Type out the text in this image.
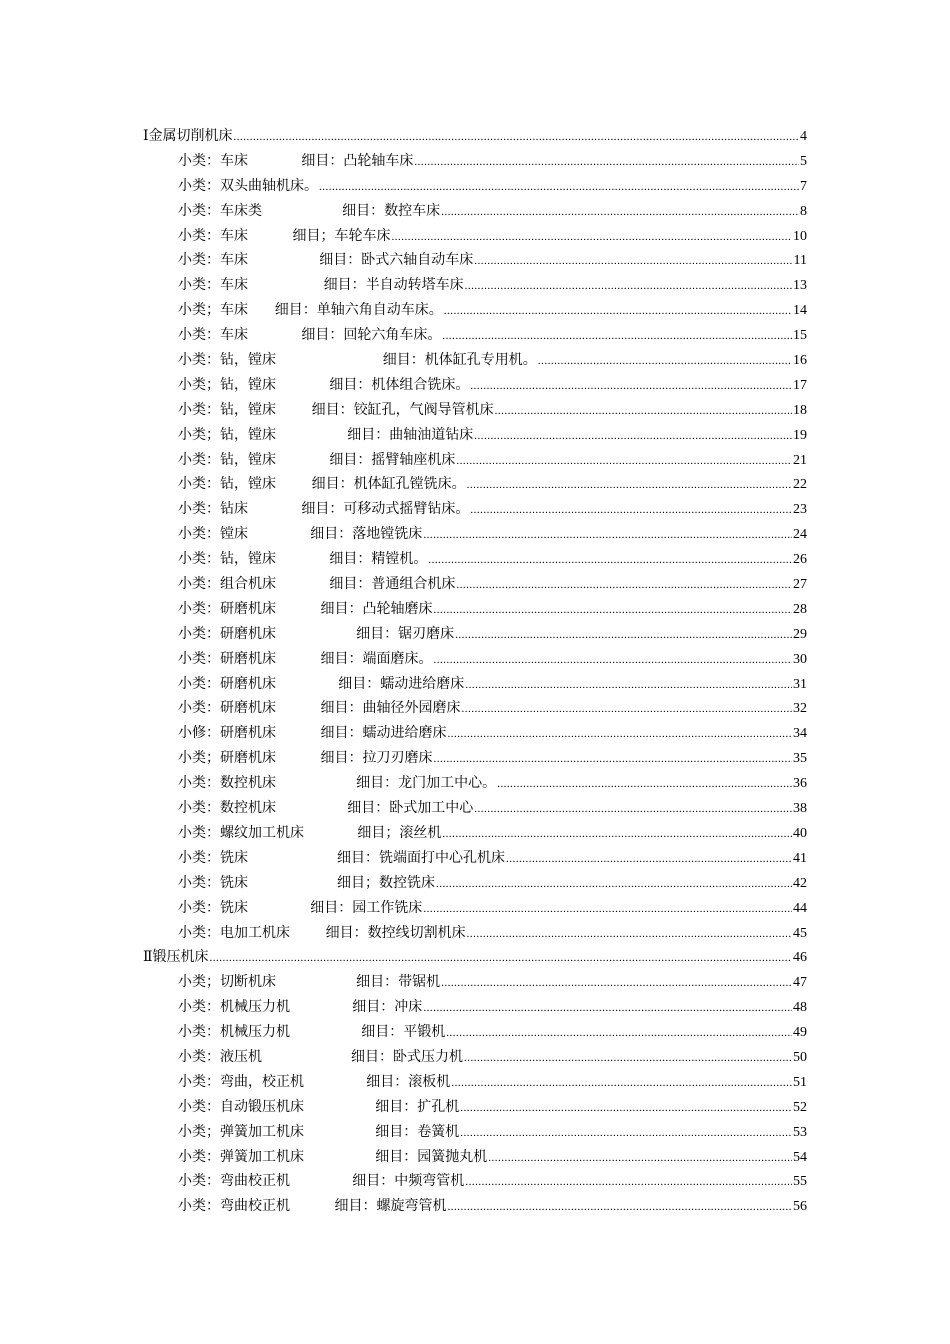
Ⅰ金属切削机床 .....	4
小类：车床            细目：凸轮轴车床 .....	5
小类：双头曲轴机床。 .....	7
小类：车床类                  细目：数控车床 .....	8
小类：车床          细目；车轮车床 .....	10
小类：车床                细目：卧式六轴自动车床 .....	11
小类：车床                 细目：半自动转塔车床 .....	13
小类；车床      细目：单轴六角自动车床。 .....	14
小类：车床            细目：回轮六角车床。 .....	15
小类：钻，镗床                        细目：机体缸孔专用机。 .....	16
小类；钻，镗床            细目：机体组合铣床。 .....	17
小类：钻，镗床        细目：铰缸孔，气阀导管机床 .....	18
小类；钻，镗床                细目：曲轴油道钻床 .....	19
小类：钻，镗床            细目：摇臂轴座机床 .....	21
小类：钻，镗床        细目：机体缸孔镗铣床。 .....	22
小类：钻床            细目：可移动式摇臂钻床。 .....	23
小类：镗床              细目：落地镗铣床 .....	24
小类：钻，镗床            细目：精镗机。 .....	26
小类：组合机床            细目：普通组合机床 .....	27
小类：研磨机床          细目：凸轮轴磨床 .....	28
小类：研磨机床                  细目：锯刃磨床 .....	29
小类：研磨机床          细目：端面磨床。 .....	30
小类：研磨机床              细目：蠕动进给磨床 .....	31
小类：研磨机床          细目：曲轴径外园磨床 .....	32
小修：研磨机床          细目：蠕动进给磨床 .....	34
小类；研磨机床          细目：拉刀刃磨床 .....	35
小类：数控机床                  细目：龙门加工中心。 .....	36
小类：数控机床                细目：卧式加工中心 .....	38
小类：螺纹加工机床            细目；滚丝机 .....	40
小类：铣床                    细目：铣端面打中心孔机床 .....	41
小类：铣床                    细目；数控铣床 .....	42
小类：铣床              细目：园工作铣床 .....	44
小类：电加工机床        细目：数控线切割机床 .....	45
Ⅱ锻压机床 .....	46
小类；切断机床                  细目：带锯机 .....	47
小类：机械压力机              细目：冲床 .....	48
小类：机械压力机                细目：平锻机 .....	49
小类：液压机                    细目：卧式压力机 .....	50
小类：弯曲，校正机              细目：滚板机 .....	51
小类：自动锻压机床                细目：扩孔机 .....	52
小类；弹簧加工机床                细目：卷簧机 .....	53
小类：弹簧加工机床                细目：园簧抛丸机 .....	54
小类：弯曲校正机              细目：中频弯管机 .....	55
小类：弯曲校正机          细目：螺旋弯管机 .....	56
